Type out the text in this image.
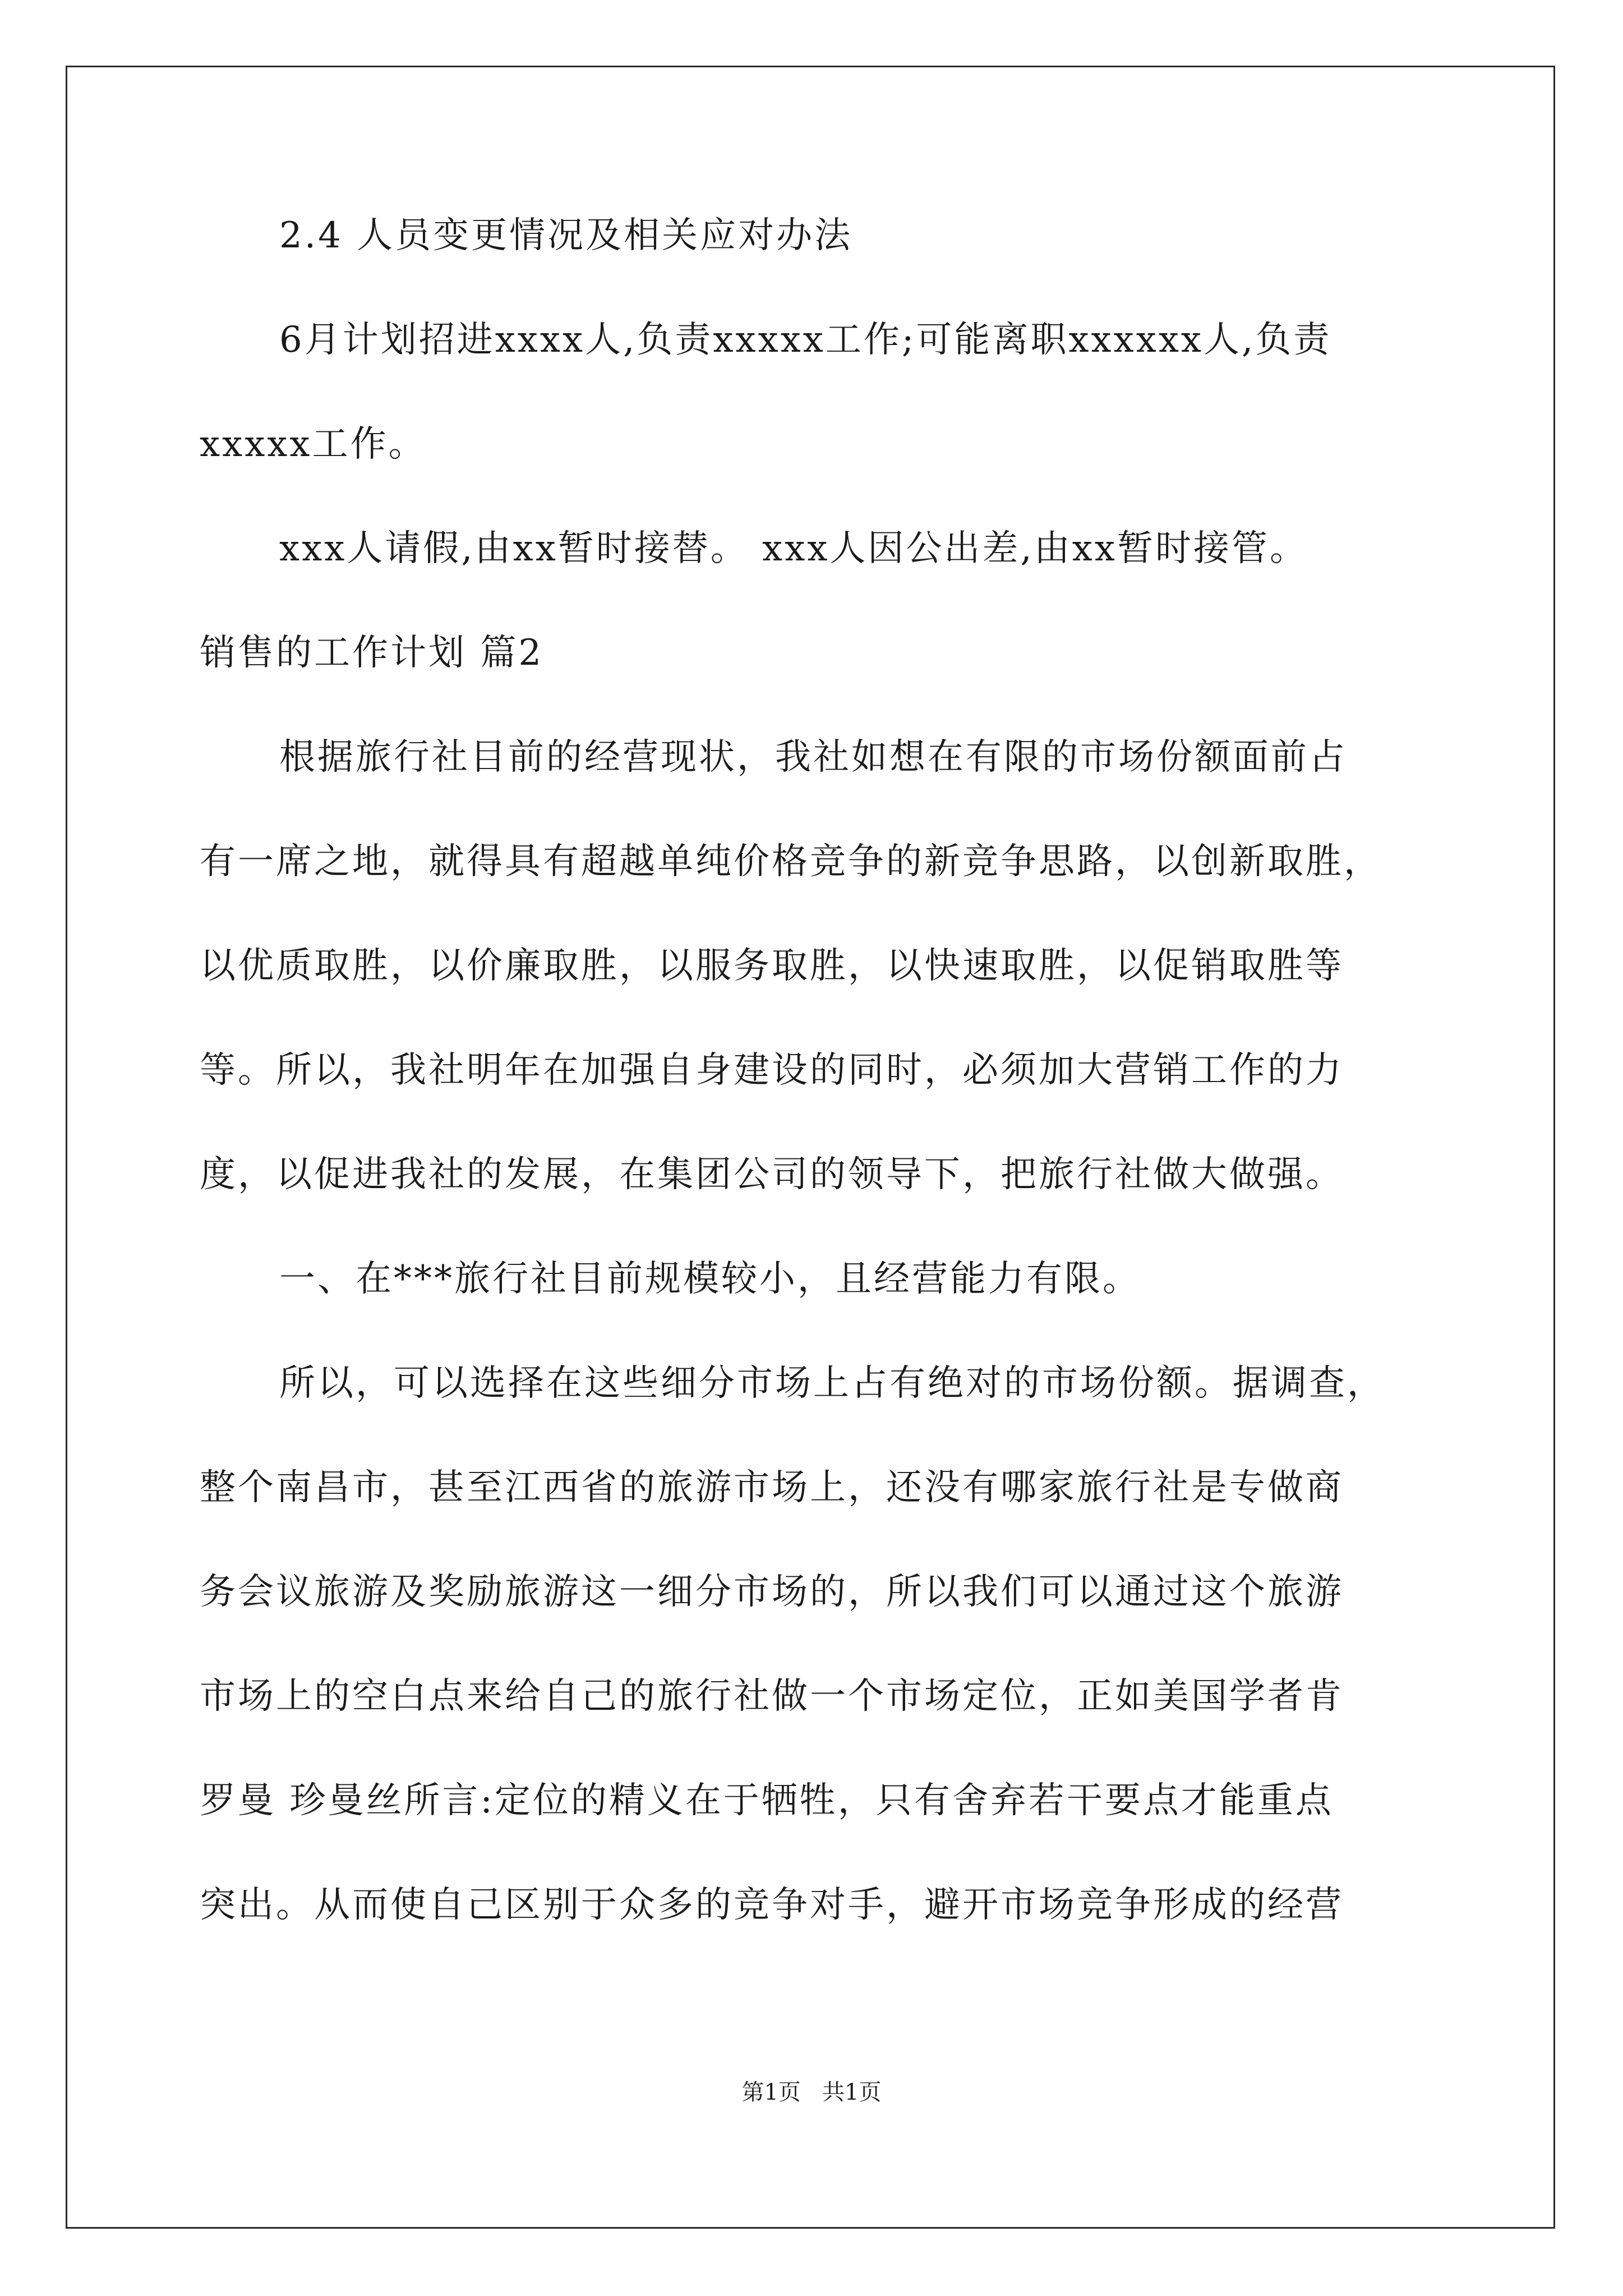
2.4 人员变更情况及相关应对办法
6月计划招进xxxx人,负责xxxxx工作;可能离职xxxxxx人,负责
xxxxx工作。
xxx人请假,由xx暂时接替。 xxx人因公出差,由xx暂时接管。
销售的工作计划 篇2
根据旅行社目前的经营现状，我社如想在有限的市场份额面前占
有一席之地，就得具有超越单纯价格竞争的新竞争思路，以创新取胜，
以优质取胜，以价廉取胜，以服务取胜，以快速取胜，以促销取胜等
等。所以，我社明年在加强自身建设的同时，必须加大营销工作的力
度，以促进我社的发展，在集团公司的领导下，把旅行社做大做强。
一、在***旅行社目前规模较小，且经营能力有限。
所以，可以选择在这些细分市场上占有绝对的市场份额。据调查，
整个南昌市，甚至江西省的旅游市场上，还没有哪家旅行社是专做商
务会议旅游及奖励旅游这一细分市场的，所以我们可以通过这个旅游
市场上的空白点来给自己的旅行社做一个市场定位，正如美国学者肯
罗曼 珍曼丝所言:定位的精义在于牺牲，只有舍弃若干要点才能重点
突出。从而使自己区别于众多的竞争对手，避开市场竞争形成的经营
第1页   共1页
